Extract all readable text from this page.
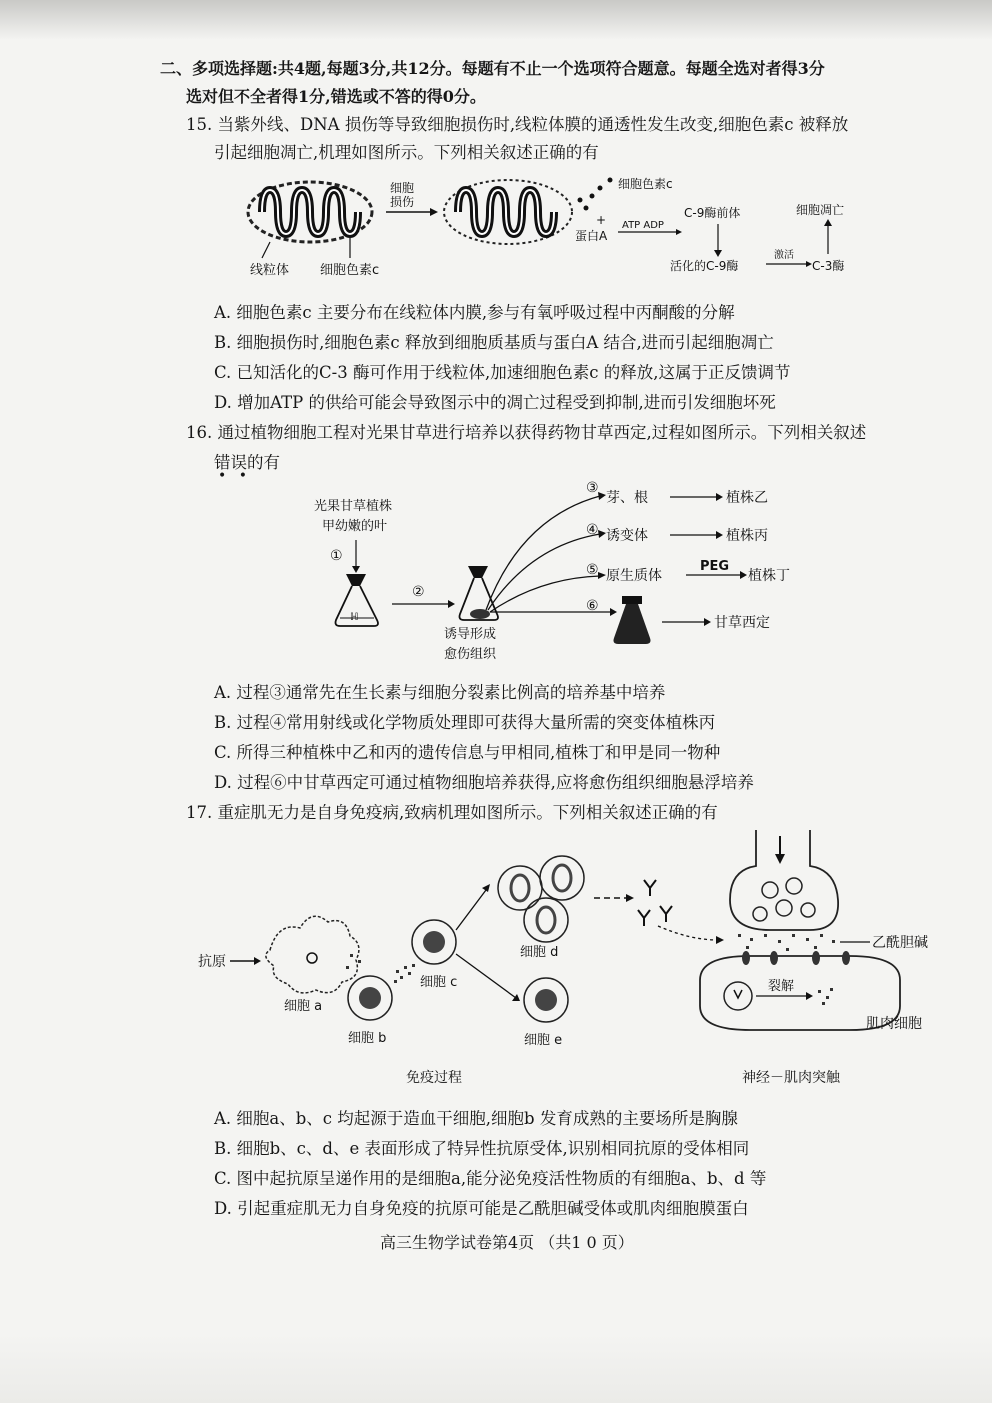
二、多项选择题:共4题,每题3分,共12分。每题有不止一个选项符合题意。每题全选对者得3分
选对但不全者得1分,错选或不答的得0分。
15. 当紫外线、DNA 损伤等导致细胞损伤时,线粒体膜的通透性发生改变,细胞色素c 被释放
引起细胞凋亡,机理如图所示。下列相关叙述正确的有
线粒体 细胞色素c
细胞
损伤
细胞色素c
+
蛋白A
ATP ADP
C-9酶前体
活化的C-9酶
激活
C-3酶
细胞凋亡
A. 细胞色素c 主要分布在线粒体内膜,参与有氧呼吸过程中丙酮酸的分解
B. 细胞损伤时,细胞色素c 释放到细胞质基质与蛋白A 结合,进而引起细胞凋亡
C. 已知活化的C-3 酶可作用于线粒体,加速细胞色素c 的释放,这属于正反馈调节
D. 增加ATP 的供给可能会导致图示中的凋亡过程受到抑制,进而引发细胞坏死
16. 通过植物细胞工程对光果甘草进行培养以获得药物甘草西定,过程如图所示。下列相关叙述
错误的有
• •
光果甘草植株
甲幼嫩的叶
①
ℍ
②
诱导形成
愈伤组织
③
芽、根	植株乙
④ 诱变体	植株丙
⑤ 原生质体
PEG
植株丁
⑥
甘草西定
A. 过程③通常先在生长素与细胞分裂素比例高的培养基中培养
B. 过程④常用射线或化学物质处理即可获得大量所需的突变体植株丙
C. 所得三种植株中乙和丙的遗传信息与甲相同,植株丁和甲是同一物种
D. 过程⑥中甘草西定可通过植物细胞培养获得,应将愈伤组织细胞悬浮培养
17. 重症肌无力是自身免疫病,致病机理如图所示。下列相关叙述正确的有
抗原
细胞 a
细胞 b
细胞 c
细胞 d
细胞 e
乙酰胆碱
裂解
肌肉细胞
免疫过程	神经－肌肉突触
A. 细胞a、b、c 均起源于造血干细胞,细胞b 发育成熟的主要场所是胸腺
B. 细胞b、c、d、e 表面形成了特异性抗原受体,识别相同抗原的受体相同
C. 图中起抗原呈递作用的是细胞a,能分泌免疫活性物质的有细胞a、b、d 等
D. 引起重症肌无力自身免疫的抗原可能是乙酰胆碱受体或肌肉细胞膜蛋白
高三生物学试卷第4页 （共1 0 页）
